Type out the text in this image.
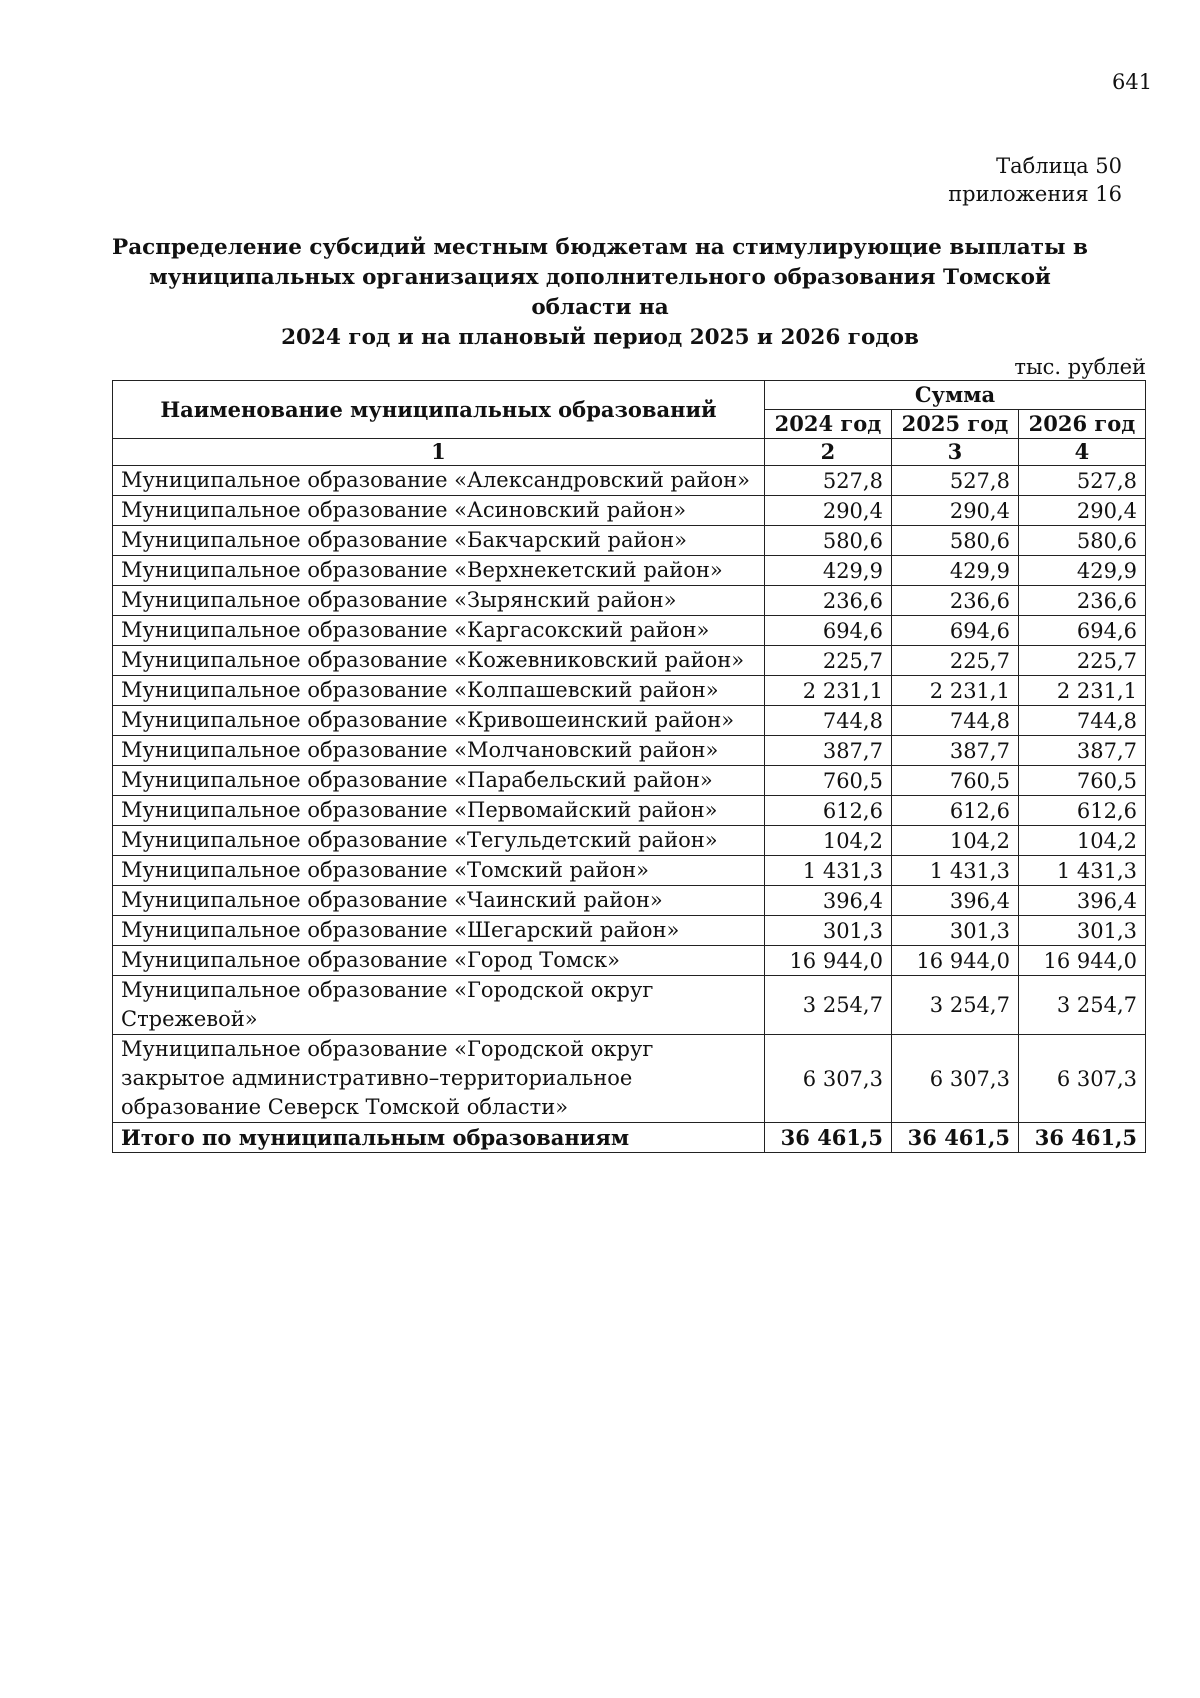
641
Таблица 50
приложения 16
Распределение субсидий местным бюджетам на стимулирующие выплаты в
муниципальных организациях дополнительного образования Томской области на
2024 год и на плановый период 2025 и 2026 годов
тыс. рублей
Наименование муниципальных образований	Сумма		
	2024 год	2025 год	2026 год
1	2	3	4
Муниципальное образование «Александровский район»	527,8	527,8	527,8
Муниципальное образование «Асиновский район»	290,4	290,4	290,4
Муниципальное образование «Бакчарский район»	580,6	580,6	580,6
Муниципальное образование «Верхнекетский район»	429,9	429,9	429,9
Муниципальное образование «Зырянский район»	236,6	236,6	236,6
Муниципальное образование «Каргасокский район»	694,6	694,6	694,6
Муниципальное образование «Кожевниковский район»	225,7	225,7	225,7
Муниципальное образование «Колпашевский район»	2 231,1	2 231,1	2 231,1
Муниципальное образование «Кривошеинский район»	744,8	744,8	744,8
Муниципальное образование «Молчановский район»	387,7	387,7	387,7
Муниципальное образование «Парабельский район»	760,5	760,5	760,5
Муниципальное образование «Первомайский район»	612,6	612,6	612,6
Муниципальное образование «Тегульдетский район»	104,2	104,2	104,2
Муниципальное образование «Томский район»	1 431,3	1 431,3	1 431,3
Муниципальное образование «Чаинский район»	396,4	396,4	396,4
Муниципальное образование «Шегарский район»	301,3	301,3	301,3
Муниципальное образование «Город Томск»	16 944,0	16 944,0	16 944,0
Муниципальное образование «Городской округ Стрежевой»	3 254,7	3 254,7	3 254,7
Муниципальное образование «Городской округ закрытое административно–территориальное образование Северск Томской области»	6 307,3	6 307,3	6 307,3
Итого по муниципальным образованиям	36 461,5	36 461,5	36 461,5
